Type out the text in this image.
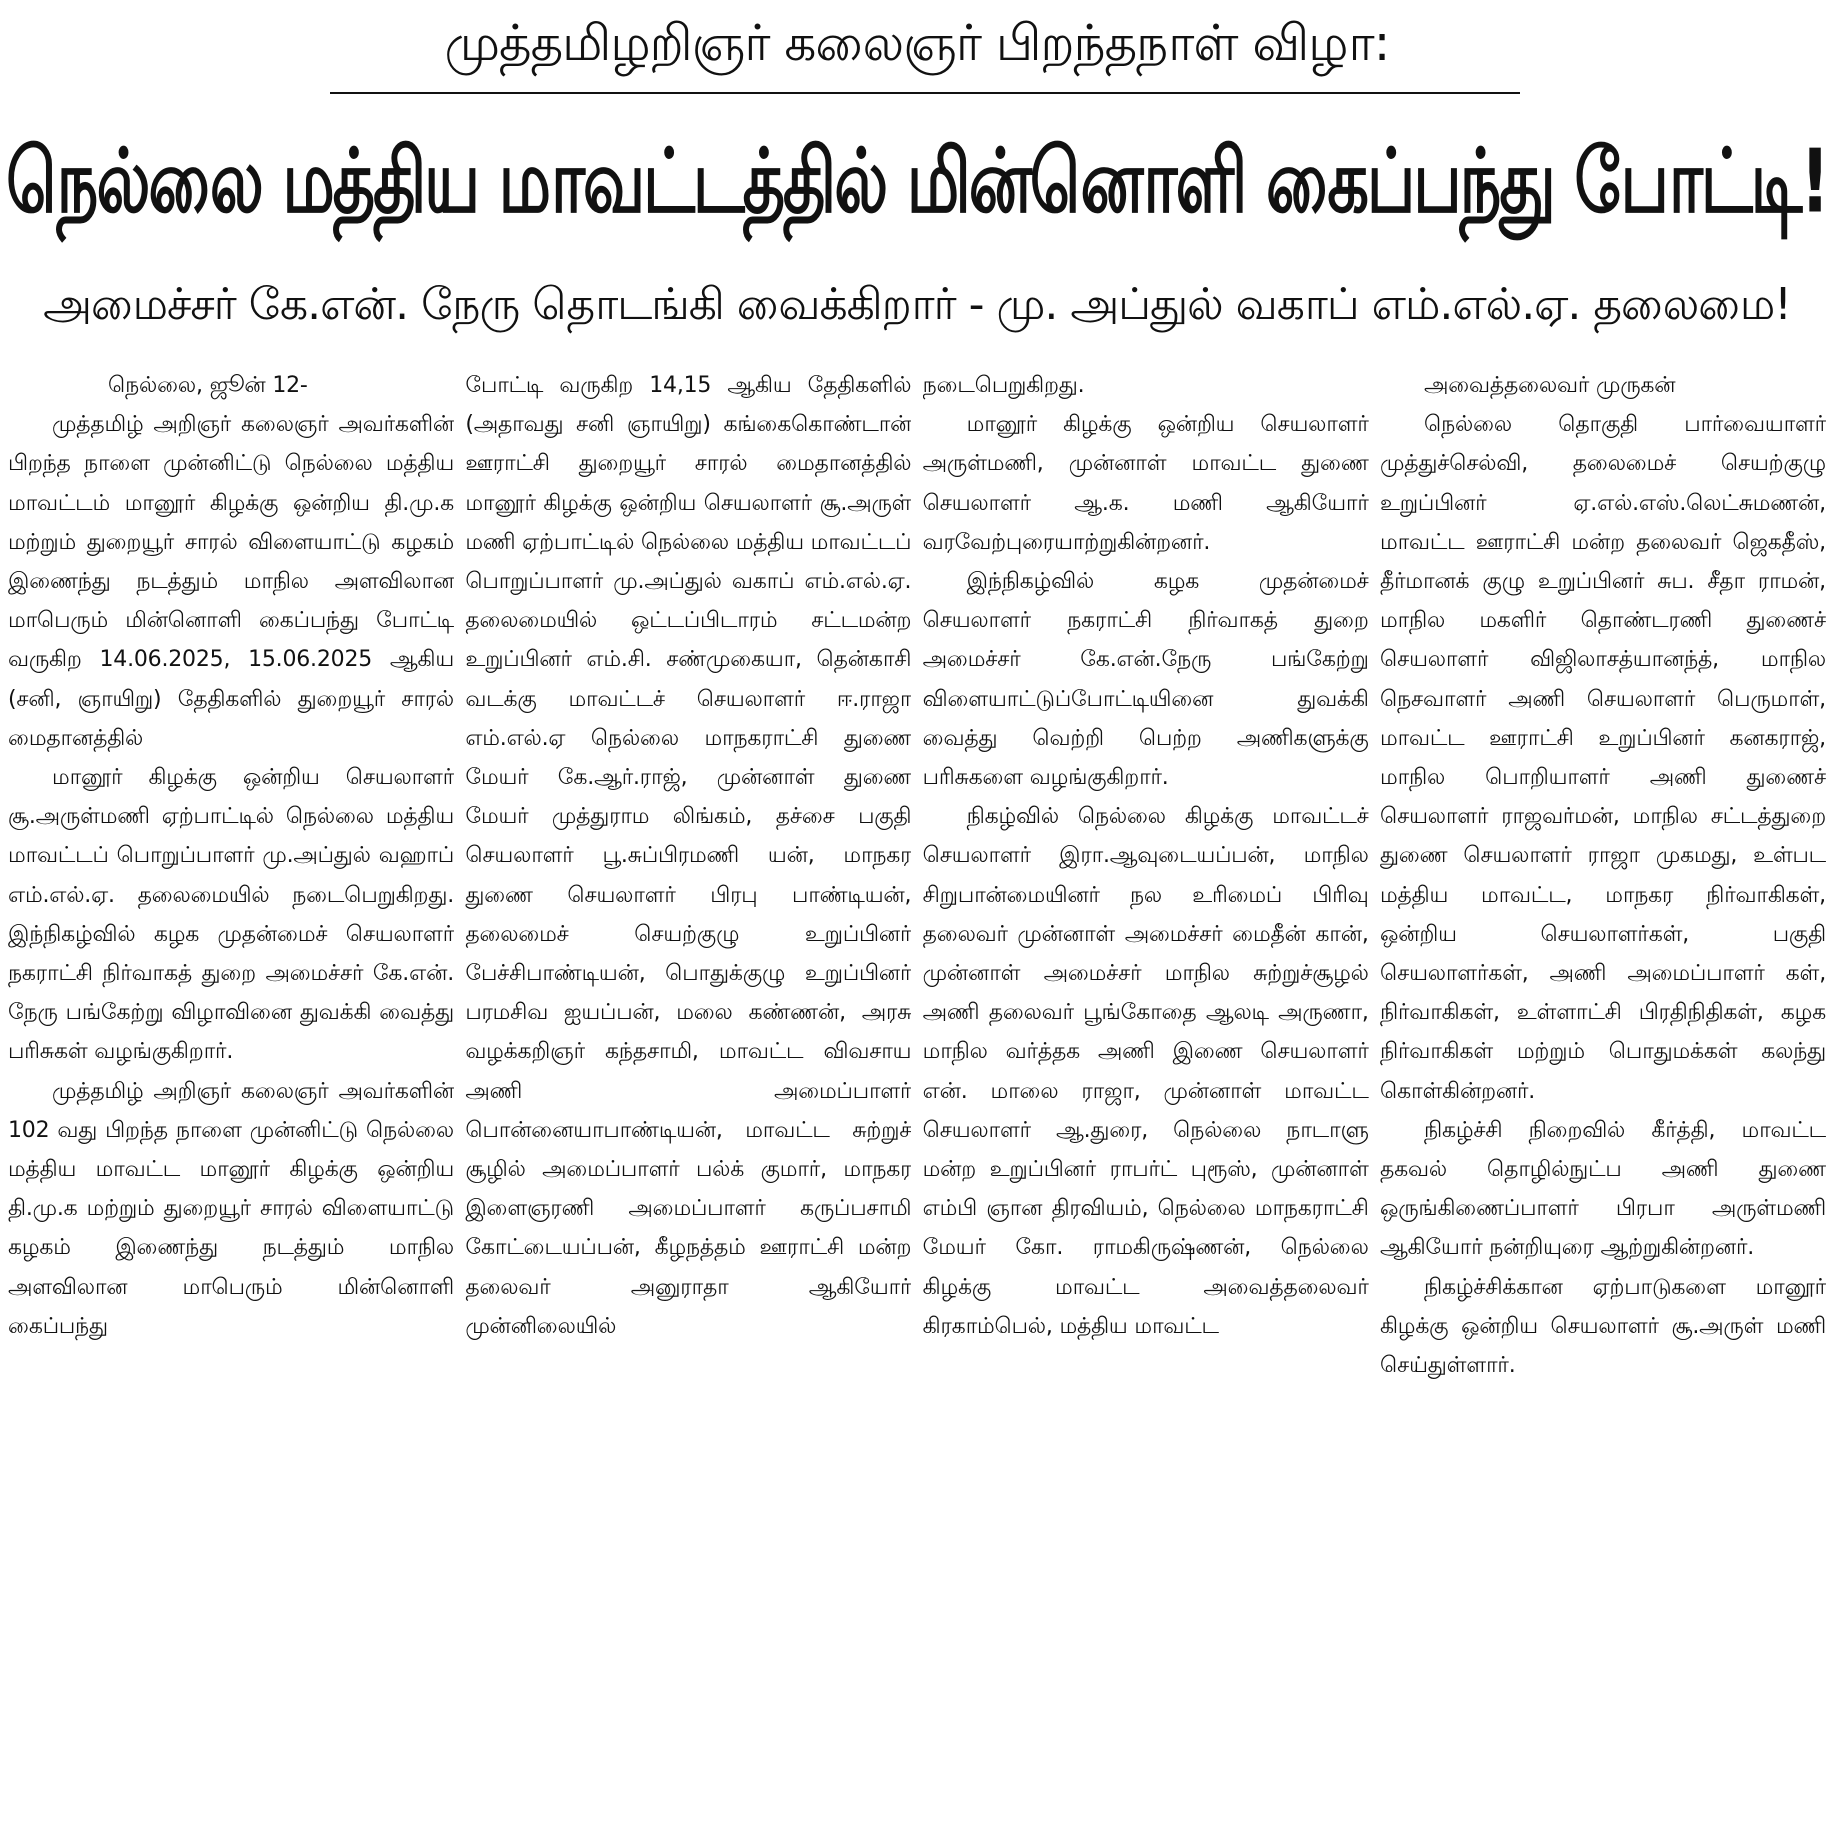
முத்தமிழறிஞர் கலைஞர் பிறந்தநாள் விழா:
நெல்லை மத்திய மாவட்டத்தில் மின்னொளி கைப்பந்து போட்டி!
அமைச்சர் கே.என். நேரு தொடங்கி வைக்கிறார் - மு. அப்துல் வகாப் எம்.எல்.ஏ. தலைமை!

நெல்லை, ஜூன் 12-

முத்தமிழ் அறிஞர் கலைஞர் அவர்களின் பிறந்த நாளை முன்னிட்டு நெல்லை மத்திய மாவட்டம் மானூர் கிழக்கு ஒன்றிய தி.மு.க மற்றும் துறையூர் சாரல் விளையாட்டு கழகம் இணைந்து நடத்தும் மாநில அளவிலான மாபெரும் மின்னொளி கைப்பந்து போட்டி வருகிற 14.06.2025, 15.06.2025 ஆகிய (சனி, ஞாயிறு) தேதிகளில் துறையூர் சாரல் மைதானத்தில்

மானூர் கிழக்கு ஒன்றிய செயலாளர் சூ.அருள்மணி ஏற்பாட்டில் நெல்லை மத்திய மாவட்டப் பொறுப்பாளர் மு.அப்துல் வஹாப் எம்.எல்.ஏ. தலைமையில் நடைபெறுகிறது. இந்நிகழ்வில் கழக முதன்மைச் செயலாளர் நகராட்சி நிர்வாகத் துறை அமைச்சர் கே.என். நேரு பங்கேற்று விழாவினை துவக்கி வைத்து பரிசுகள் வழங்குகிறார்.

முத்தமிழ் அறிஞர் கலைஞர் அவர்களின் 102 வது பிறந்த நாளை முன்னிட்டு நெல்லை மத்திய மாவட்ட மானூர் கிழக்கு ஒன்றிய தி.மு.க மற்றும் துறையூர் சாரல் விளையாட்டு கழகம் இணைந்து நடத்தும் மாநில அளவிலான மாபெரும் மின்னொளி கைப்பந்து

போட்டி வருகிற 14,15 ஆகிய தேதிகளில் (அதாவது சனி ஞாயிறு) கங்கைகொண்டான் ஊராட்சி துறையூர் சாரல் மைதானத்தில் மானூர் கிழக்கு ஒன்றிய செயலாளர் சூ.அருள் மணி ஏற்பாட்டில் நெல்லை மத்திய மாவட்டப் பொறுப்பாளர் மு.அப்துல் வகாப் எம்.எல்.ஏ. தலைமையில் ஒட்டப்பிடாரம் சட்டமன்ற உறுப்பினர் எம்.சி. சண்முகையா, தென்காசி வடக்கு மாவட்டச் செயலாளர் ஈ.ராஜா எம்.எல்.ஏ நெல்லை மாநகராட்சி துணை மேயர் கே.ஆர்.ராஜ், முன்னாள் துணை மேயர் முத்துராம லிங்கம், தச்சை பகுதி செயலாளர் பூ.சுப்பிரமணி யன், மாநகர துணை செயலாளர் பிரபு பாண்டியன், தலைமைச் செயற்குழு உறுப்பினர் பேச்சிபாண்டியன், பொதுக்குழு உறுப்பினர் பரமசிவ ஐயப்பன், மலை கண்ணன், அரசு வழக்கறிஞர் கந்தசாமி, மாவட்ட விவசாய அணி அமைப்பாளர் பொன்னையாபாண்டியன், மாவட்ட சுற்றுச் சூழில் அமைப்பாளர் பல்க் குமார், மாநகர இளைஞரணி அமைப்பாளர் கருப்பசாமி கோட்டையப்பன், கீழநத்தம் ஊராட்சி மன்ற தலைவர் அனுராதா ஆகியோர் முன்னிலையில்

நடைபெறுகிறது.

மானூர் கிழக்கு ஒன்றிய செயலாளர் அருள்மணி, முன்னாள் மாவட்ட துணை செயலாளர் ஆ.க. மணி ஆகியோர் வரவேற்புரையாற்றுகின்றனர்.

இந்நிகழ்வில் கழக முதன்மைச் செயலாளர் நகராட்சி நிர்வாகத் துறை அமைச்சர் கே.என்.நேரு பங்கேற்று விளையாட்டுப்போட்டியினை துவக்கி வைத்து வெற்றி பெற்ற அணிகளுக்கு பரிசுகளை வழங்குகிறார்.

நிகழ்வில் நெல்லை கிழக்கு மாவட்டச் செயலாளர் இரா.ஆவுடையப்பன், மாநில சிறுபான்மையினர் நல உரிமைப் பிரிவு தலைவர் முன்னாள் அமைச்சர் மைதீன் கான், முன்னாள் அமைச்சர் மாநில சுற்றுச்சூழல் அணி தலைவர் பூங்கோதை ஆலடி அருணா, மாநில வர்த்தக அணி இணை செயலாளர் என். மாலை ராஜா, முன்னாள் மாவட்ட செயலாளர் ஆ.துரை, நெல்லை நாடாளு மன்ற உறுப்பினர் ராபர்ட் புரூஸ், முன்னாள் எம்பி ஞான திரவியம், நெல்லை மாநகராட்சி மேயர் கோ. ராமகிருஷ்ணன், நெல்லை கிழக்கு மாவட்ட அவைத்தலைவர் கிரகாம்பெல், மத்திய மாவட்ட

அவைத்தலைவர் முருகன்

நெல்லை தொகுதி பார்வையாளர் முத்துச்செல்வி, தலைமைச் செயற்குழு உறுப்பினர் ஏ.எல்.எஸ்.லெட்சுமணன், மாவட்ட ஊராட்சி மன்ற தலைவர் ஜெகதீஸ், தீர்மானக் குழு உறுப்பினர் சுப. சீதா ராமன், மாநில மகளிர் தொண்டரணி துணைச் செயலாளர் விஜிலாசத்யானந்த், மாநில நெசவாளர் அணி செயலாளர் பெருமாள், மாவட்ட ஊராட்சி உறுப்பினர் கனகராஜ், மாநில பொறியாளர் அணி துணைச் செயலாளர் ராஜவர்மன், மாநில சட்டத்துறை துணை செயலாளர் ராஜா முகமது, உள்பட மத்திய மாவட்ட, மாநகர நிர்வாகிகள், ஒன்றிய செயலாளர்கள், பகுதி செயலாளர்கள், அணி அமைப்பாளர் கள், நிர்வாகிகள், உள்ளாட்சி பிரதிநிதிகள், கழக நிர்வாகிகள் மற்றும் பொதுமக்கள் கலந்து கொள்கின்றனர்.

நிகழ்ச்சி நிறைவில் கீர்த்தி, மாவட்ட தகவல் தொழில்நுட்ப அணி துணை ஒருங்கிணைப்பாளர் பிரபா அருள்மணி ஆகியோர் நன்றியுரை ஆற்றுகின்றனர்.

நிகழ்ச்சிக்கான ஏற்பாடுகளை மானூர் கிழக்கு ஒன்றிய செயலாளர் சூ.அருள் மணி செய்துள்ளார்.
